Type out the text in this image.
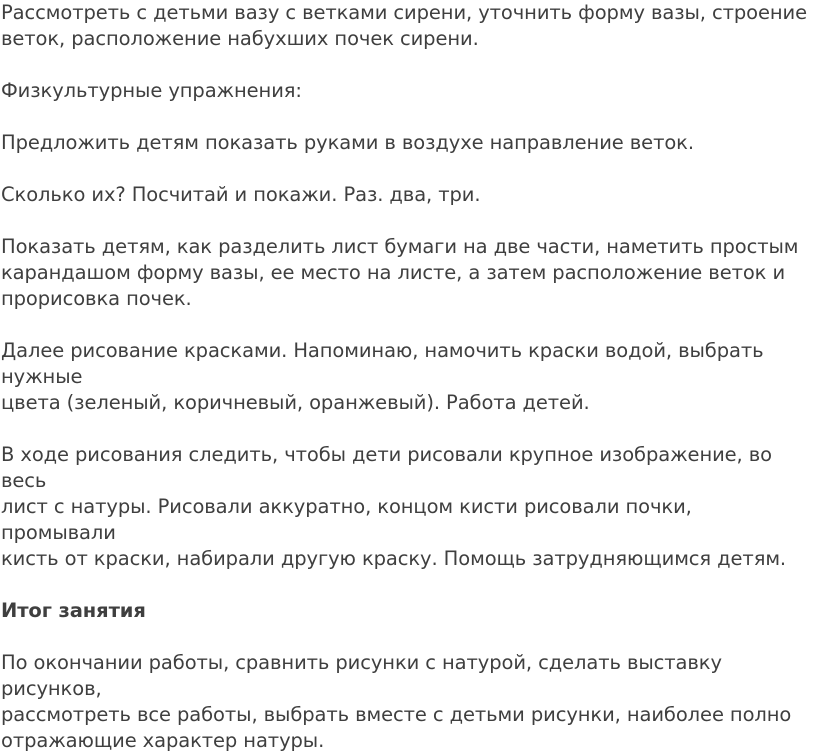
Рассмотреть с детьми вазу с ветками сирени, уточнить форму вазы, строение
веток, расположение набухших почек сирени.

Физкультурные упражнения:

Предложить детям показать руками в воздухе направление веток.

Сколько их? Посчитай и покажи. Раз. два, три.

Показать детям, как разделить лист бумаги на две части, наметить простым
карандашом форму вазы, ее место на листе, а затем расположение веток и
прорисовка почек.

Далее рисование красками. Напоминаю, намочить краски водой, выбрать нужные
цвета (зеленый, коричневый, оранжевый). Работа детей.

В ходе рисования следить, чтобы дети рисовали крупное изображение, во весь
лист с натуры. Рисовали аккуратно, концом кисти рисовали почки, промывали
кисть от краски, набирали другую краску. Помощь затрудняющимся детям.

Итог занятия

По окончании работы, сравнить рисунки с натурой, сделать выставку рисунков,
рассмотреть все работы, выбрать вместе с детьми рисунки, наиболее полно
отражающие характер натуры.
